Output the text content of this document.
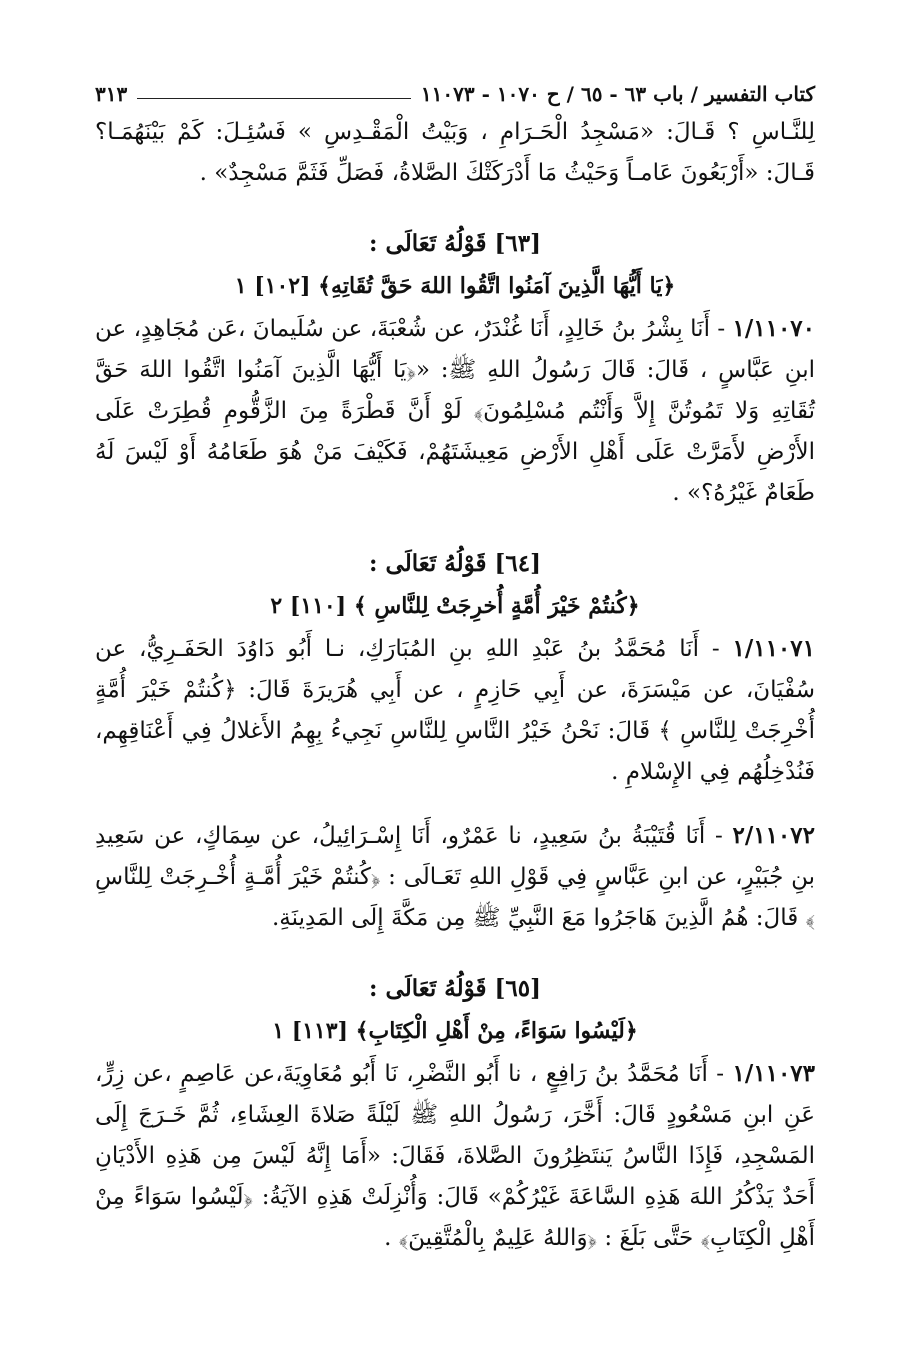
كتاب التفسير / باب ٦٣ - ٦٥ / ح ١٠٧٠ - ١١٠٧٣
٣١٣

لِلنَّـاسِ ؟ قَـالَ: «مَسْجِدُ الْحَـرَامِ ، وَبَيْتُ الْمَقْـدِسِ » فَسُئِـلَ: كَمْ بَيْنَهُمَـا؟ قَـالَ: «أَرْبَعُونَ عَامـاً وَحَيْثُ مَا أَدْرَكَتْكَ الصَّلاةُ، فَصَلِّ فَثَمَّ مَسْجِدٌ» .

[٦٣] قَوْلُهُ تَعَالَى :
﴿يَا أَيُّهَا الَّذِينَ آمَنُوا اتَّقُوا اللهَ حَقَّ تُقَاتِهِ﴾ [١٠٢] ١

١/١١٠٧٠ - أَنَا بِشْرُ بنُ خَالِدٍ، أَنَا غُنْدَرٌ، عن شُعْبَةَ، عن سُلَيمانَ ،عَن مُجَاهِدٍ، عن ابنِ عَبَّاسٍ ، قَالَ: قَالَ رَسُولُ اللهِ ﷺ: «﴿يَا أَيُّهَا الَّذِينَ آمَنُوا اتَّقُوا اللهَ حَقَّ تُقَاتِهِ وَلا تَمُوتُنَّ إِلاَّ وَأَنْتُم مُسْلِمُونَ﴾ لَوْ أَنَّ قَطْرَةً مِنَ الزَّقُّومِ قُطِرَتْ عَلَى الأَرْضِ لأَمَرَّتْ عَلَى أَهْلِ الأَرْضِ مَعِيشَتَهُمْ، فَكَيْفَ مَنْ هُوَ طَعَامُهُ أَوْ لَيْسَ لَهُ طَعَامٌ غَيْرُهُ؟» .

[٦٤] قَوْلُهُ تَعَالَى :
﴿كُنتُمْ خَيْرَ أُمَّةٍ أُخرِجَتْ لِلنَّاسِ ﴾ [١١٠] ٢

١/١١٠٧١ - أَنَا مُحَمَّدُ بنُ عَبْدِ اللهِ بنِ المُبَارَكِ، نـا أَبُو دَاوُدَ الحَفَـرِيُّ، عن سُفْيَانَ، عن مَيْسَرَةَ، عن أَبِي حَازِمٍ ، عن أَبِي هُرَيرَةَ قَالَ: ﴿كُنتُمْ خَيْرَ أُمَّةٍ أُخْرِجَتْ لِلنَّاسِ ﴾ قَالَ: نَحْنُ خَيْرُ النَّاسِ لِلنَّاسِ نَجِيءُ بِهِمُ الأَغلالُ فِي أَعْنَاقِهِم، فَنُدْخِلُهُم فِي الإِسْلامِ .

٢/١١٠٧٢ - أَنَا قُتَيْبَةُ بنُ سَعِيدٍ، نا عَمْرٌو، أَنَا إِسْـرَائِيلُ، عن سِمَاكٍ، عن سَعِيدِ بنِ جُبَيْرٍ، عن ابنِ عَبَّاسٍ فِي قَوْلِ اللهِ تَعَـالَى : ﴿كُنتُمْ خَيْرَ أُمَّـةٍ أُخْـرِجَتْ لِلنَّاسِ ﴾ قَالَ: هُمُ الَّذِينَ هَاجَرُوا مَعَ النَّبِيِّ ﷺ مِن مَكَّةَ إِلَى المَدِينَةِ.

[٦٥] قَوْلُهُ تَعَالَى :
﴿لَيْسُوا سَوَاءً، مِنْ أَهْلِ الْكِتَابِ﴾ [١١٣] ١

١/١١٠٧٣ - أَنَا مُحَمَّدُ بنُ رَافِعٍ ، نا أَبُو النَّضْرِ، نَا أَبُو مُعَاوِيَةَ،عن عَاصِمٍ ،عن زِرٍّ، عَنِ ابنِ مَسْعُودٍ قَالَ: أَخَّرَ، رَسُولُ اللهِ ﷺ لَيْلَةً صَلاةَ العِشَاءِ، ثُمَّ خَـرَجَ إِلَى المَسْجِدِ، فَإِذَا النَّاسُ يَنتَظِرُونَ الصَّلاةَ، فَقَالَ: «أَمَا إِنَّهُ لَيْسَ مِن هَذِهِ الأَدْيَانِ أَحَدٌ يَذْكُرُ اللهَ هَذِهِ السَّاعَةَ غَيْرُكُمْ» قَالَ: وَأُنْزِلَتْ هَذِهِ الآيَةُ: ﴿لَيْسُوا سَوَاءً مِنْ أَهْلِ الْكِتَابِ﴾ حَتَّى بَلَغَ : ﴿وَاللهُ عَلِيمٌ بِالْمُتَّقِينَ﴾ .
